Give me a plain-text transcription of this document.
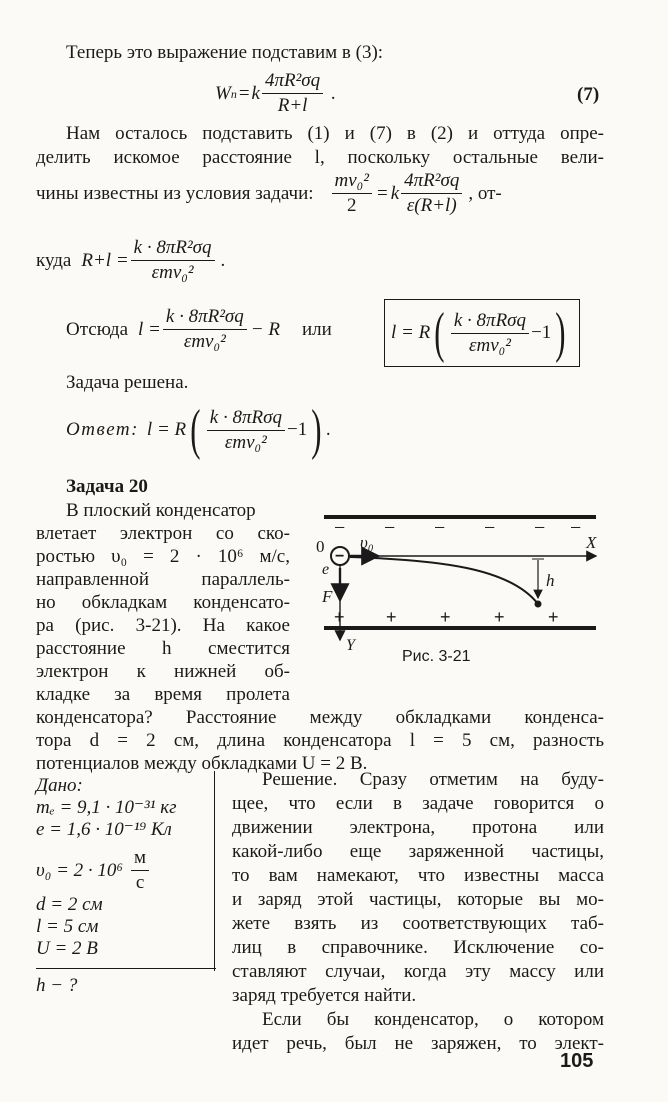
Теперь это выражение подставим в (3):
W п = k $\frac{\text{4πR²σq}}{R+l}$ .	(7)
Нам осталось подставить (1) и (7) в (2) и оттуда опре-
делить искомое расстояние l, поскольку остальные вели-
чины известны из условия задачи: $\frac{\text{mv₀²}}{2} = k \frac{\text{4πR²σq}}{\varepsilon(R+l)}$ , от-
куда $R+l = \frac{\text{k · 8πR²σq}}{\text{εmv₀²}}$ .
Отсюда $l = \frac{\text{k · 8πR²σq}}{\text{εmv₀²}} - R$ или	l = R ( $\frac{\text{k · 8πRσq}}{\text{εmv₀²}} -1$ )
Задача решена.
Ответ: l = R ( $\frac{\text{k · 8πRσq}}{\text{εmv₀²}} -1$ ) .
Задача 20
В плоский конденсатор
влетает электрон со ско-
ростью υ₀ = 2 · 10⁶ м/с,
направленной параллель-
но обкладкам конденсато-
ра (рис. 3-21). На какое
расстояние h сместится
электрон к нижней об-
кладке за время пролета
конденсатора? Расстояние между обкладками конденса-
тора d = 2 см, длина конденсатора l = 5 см, разность
потенциалов между обкладками U = 2 В.
− − − − − −
+ + + + +
−
0 υ₀	X
Y
e
F
h
Рис. 3-21
Дано:
mₑ = 9,1 · 10⁻³¹ кг
e = 1,6 · 10⁻¹⁹ Кл
$\upsilon_0 = 2 \cdot 10^6 \frac{м}{с}$
d = 2 см
l = 5 см
U = 2 В
h − ?
Решение. Сразу отметим на буду-
щее, что если в задаче говорится о
движении электрона, протона или
какой-либо еще заряженной частицы,
то вам намекают, что известны масса
и заряд этой частицы, которые вы мо-
жете взять из соответствующих таб-
лиц в справочнике. Исключение со-
ставляют случаи, когда эту массу или
заряд требуется найти.
Если бы конденсатор, о котором
идет речь, был не заряжен, то элект-
105
